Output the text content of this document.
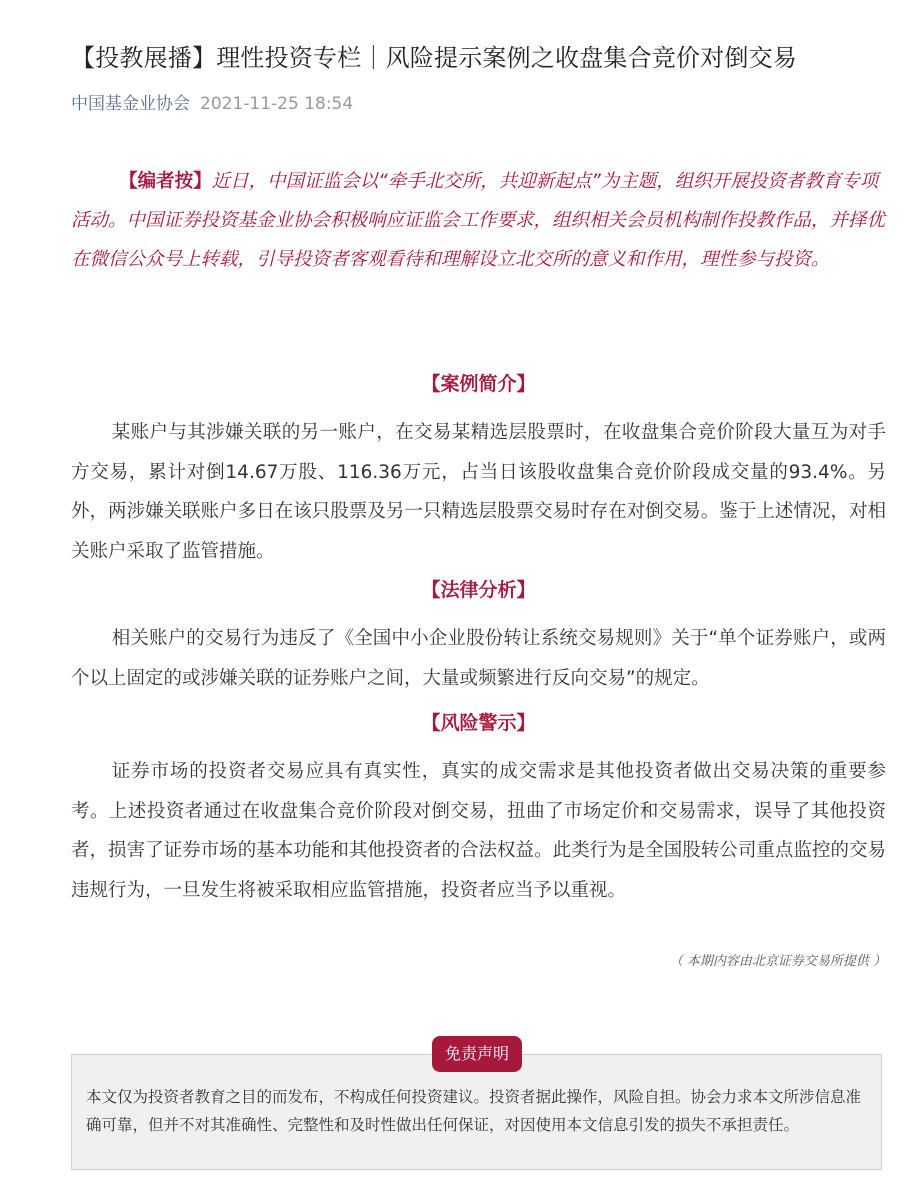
【投教展播】理性投资专栏｜风险提示案例之收盘集合竞价对倒交易
中国基金业协会 2021-11-25 18:54

【编者按】近日，中国证监会以“牵手北交所，共迎新起点”为主题，组织开展投资者教育专项活动。中国证券投资基金业协会积极响应证监会工作要求，组织相关会员机构制作投教作品，并择优在微信公众号上转载，引导投资者客观看待和理解设立北交所的意义和作用，理性参与投资。

【案例简介】

某账户与其涉嫌关联的另一账户，在交易某精选层股票时，在收盘集合竞价阶段大量互为对手方交易，累计对倒14.67万股、116.36万元，占当日该股收盘集合竞价阶段成交量的93.4%。另外，两涉嫌关联账户多日在该只股票及另一只精选层股票交易时存在对倒交易。鉴于上述情况，对相关账户采取了监管措施。

【法律分析】

相关账户的交易行为违反了《全国中小企业股份转让系统交易规则》关于“单个证券账户，或两个以上固定的或涉嫌关联的证券账户之间，大量或频繁进行反向交易”的规定。

【风险警示】

证券市场的投资者交易应具有真实性，真实的成交需求是其他投资者做出交易决策的重要参考。上述投资者通过在收盘集合竞价阶段对倒交易，扭曲了市场定价和交易需求，误导了其他投资者，损害了证券市场的基本功能和其他投资者的合法权益。此类行为是全国股转公司重点监控的交易违规行为，一旦发生将被采取相应监管措施，投资者应当予以重视。

（ 本期内容由北京证券交易所提供 ）

本文仅为投资者教育之目的而发布，不构成任何投资建议。投资者据此操作，风险自担。协会力求本文所涉信息准确可靠，但并不对其准确性、完整性和及时性做出任何保证，对因使用本文信息引发的损失不承担责任。

免责声明
